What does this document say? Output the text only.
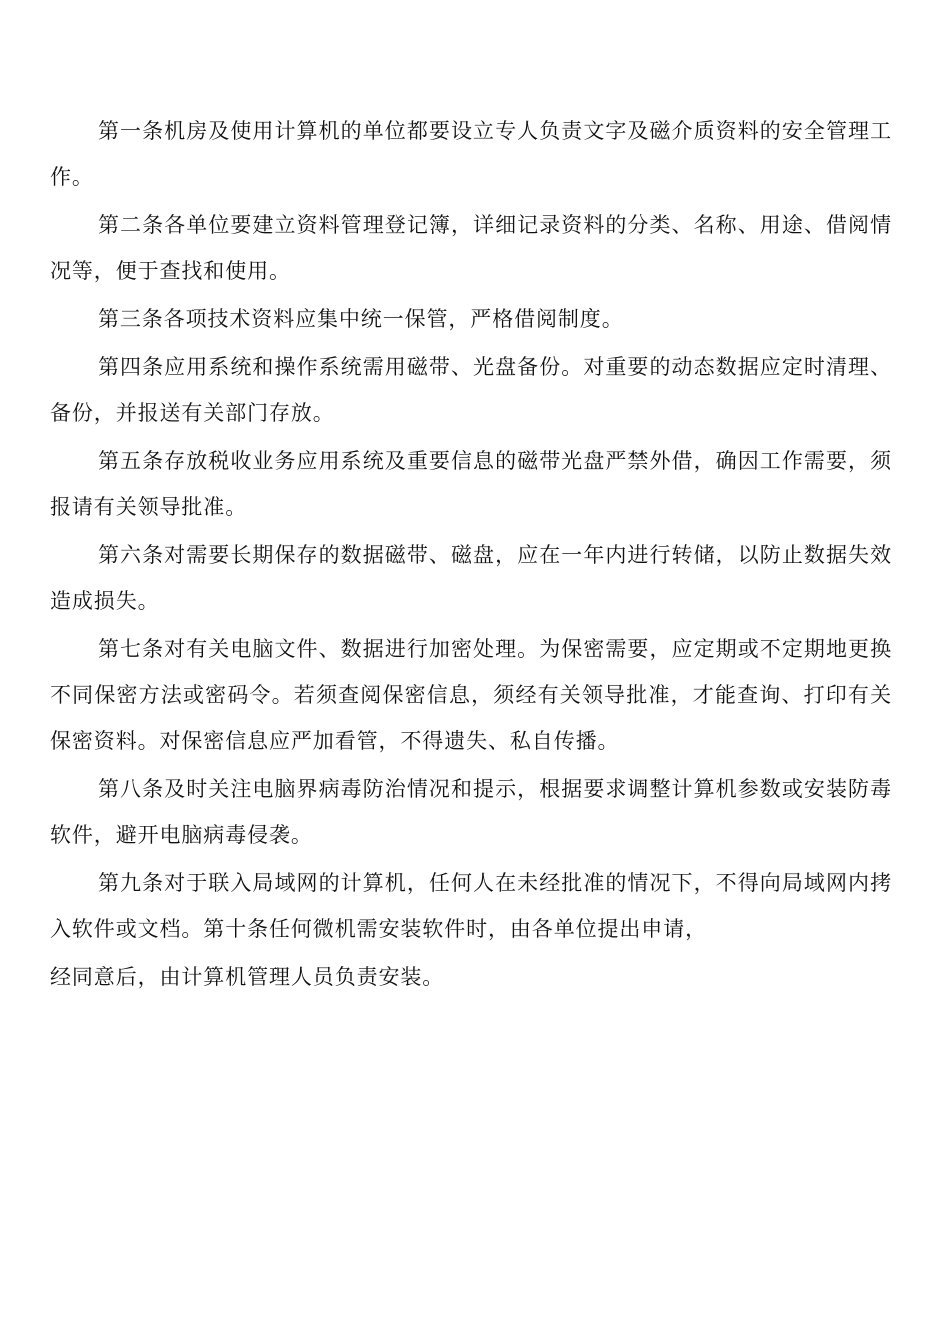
第一条机房及使用计算机的单位都要设立专人负责文字及磁介质资料的安全管理工作。

第二条各单位要建立资料管理登记簿，详细记录资料的分类、名称、用途、借阅情况等，便于查找和使用。

第三条各项技术资料应集中统一保管，严格借阅制度。

第四条应用系统和操作系统需用磁带、光盘备份。对重要的动态数据应定时清理、备份，并报送有关部门存放。

第五条存放税收业务应用系统及重要信息的磁带光盘严禁外借，确因工作需要，须报请有关领导批准。

第六条对需要长期保存的数据磁带、磁盘，应在一年内进行转储，以防止数据失效造成损失。

第七条对有关电脑文件、数据进行加密处理。为保密需要，应定期或不定期地更换不同保密方法或密码令。若须查阅保密信息，须经有关领导批准，才能查询、打印有关保密资料。对保密信息应严加看管，不得遗失、私自传播。

第八条及时关注电脑界病毒防治情况和提示，根据要求调整计算机参数或安装防毒软件，避开电脑病毒侵袭。

第九条对于联入局域网的计算机，任何人在未经批准的情况下，不得向局域网内拷入软件或文档。第十条任何微机需安装软件时，由各单位提出申请，

经同意后，由计算机管理人员负责安装。
